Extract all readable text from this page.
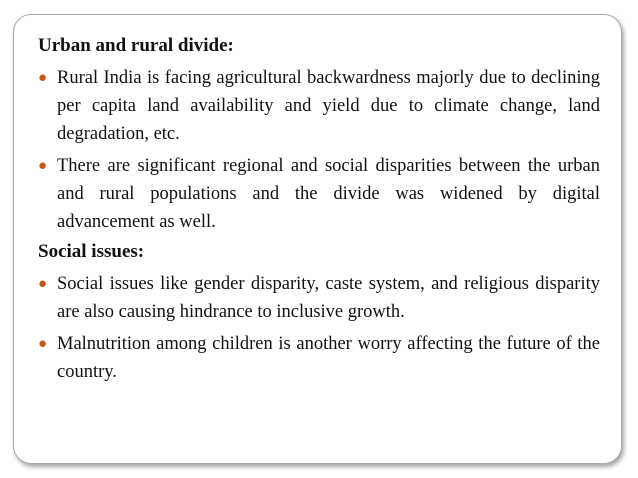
Urban and rural divide:
● Rural India is facing agricultural backwardness majorly due to declining per capita land availability and yield due to climate change, land degradation, etc.
● There are significant regional and social disparities between the urban and rural populations and the divide was widened by digital advancement as well.
Social issues:
● Social issues like gender disparity, caste system, and religious disparity are also causing hindrance to inclusive growth.
● Malnutrition among children is another worry affecting the future of the country.
